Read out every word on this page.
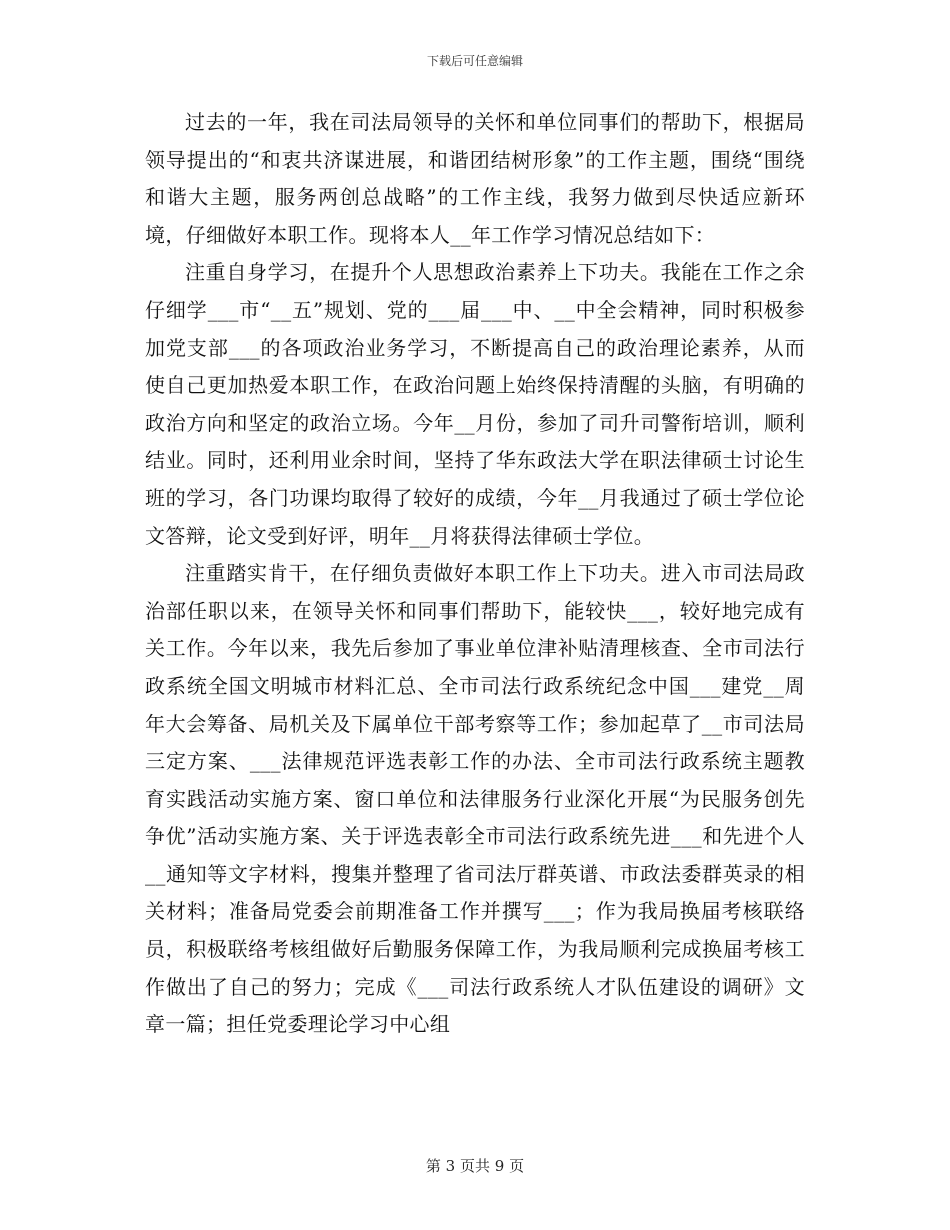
下载后可任意编辑

过去的一年，我在司法局领导的关怀和单位同事们的帮助下，根据局领导提出的“和衷共济谋进展，和谐团结树形象”的工作主题，围绕“围绕和谐大主题，服务两创总战略”的工作主线，我努力做到尽快适应新环境，仔细做好本职工作。现将本人__年工作学习情况总结如下：

注重自身学习，在提升个人思想政治素养上下功夫。我能在工作之余仔细学___市“__五”规划、党的___届___中、__中全会精神，同时积极参加党支部___的各项政治业务学习，不断提高自己的政治理论素养，从而使自己更加热爱本职工作，在政治问题上始终保持清醒的头脑，有明确的政治方向和坚定的政治立场。今年__月份，参加了司升司警衔培训，顺利结业。同时，还利用业余时间，坚持了华东政法大学在职法律硕士讨论生班的学习，各门功课均取得了较好的成绩，今年__月我通过了硕士学位论文答辩，论文受到好评，明年__月将获得法律硕士学位。

注重踏实肯干，在仔细负责做好本职工作上下功夫。进入市司法局政治部任职以来，在领导关怀和同事们帮助下，能较快___，较好地完成有关工作。今年以来，我先后参加了事业单位津补贴清理核查、全市司法行政系统全国文明城市材料汇总、全市司法行政系统纪念中国___建党__周年大会筹备、局机关及下属单位干部考察等工作；参加起草了__市司法局三定方案、___法律规范评选表彰工作的办法、全市司法行政系统主题教育实践活动实施方案、窗口单位和法律服务行业深化开展“为民服务创先争优”活动实施方案、关于评选表彰全市司法行政系统先进___和先进个人__通知等文字材料，搜集并整理了省司法厅群英谱、市政法委群英录的相关材料；准备局党委会前期准备工作并撰写___；作为我局换届考核联络员，积极联络考核组做好后勤服务保障工作，为我局顺利完成换届考核工作做出了自己的努力；完成《___司法行政系统人才队伍建设的调研》文章一篇；担任党委理论学习中心组

第 3 页共 9 页
